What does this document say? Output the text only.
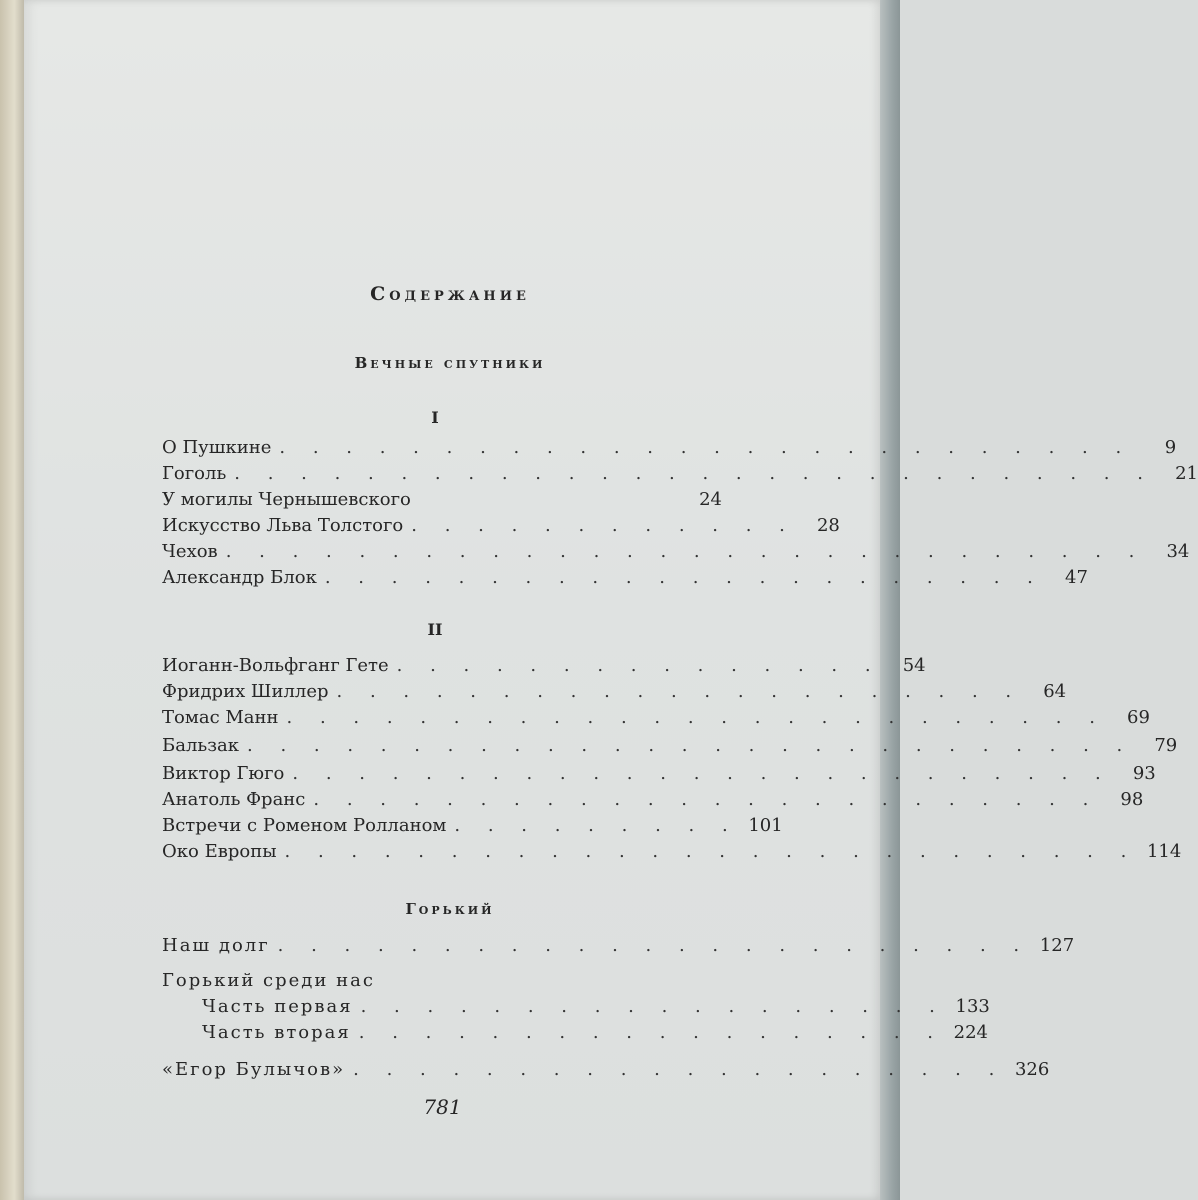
Содержание
Вечные спутники
I
О Пушкине . . . . . . . . . . . . . . . . . . . . . . . . . .	9
Гоголь . . . . . . . . . . . . . . . . . . . . . . . . . . . .	21
У могилы Чернышевского	24
Искусство Льва Толстого . . . . . . . . . . . .	28
Чехов . . . . . . . . . . . . . . . . . . . . . . . . . . . .	34
Александр Блок . . . . . . . . . . . . . . . . . . . . . .	47
II
Иоганн-Вольфганг Гете . . . . . . . . . . . . . . .	54
Фридрих Шиллер . . . . . . . . . . . . . . . . . . . . .	64
Томас Манн . . . . . . . . . . . . . . . . . . . . . . . . .	69
Бальзак . . . . . . . . . . . . . . . . . . . . . . . . . . .	79
Виктор Гюго . . . . . . . . . . . . . . . . . . . . . . . . .	93
Анатоль Франс . . . . . . . . . . . . . . . . . . . . . . . .	98
Встречи с Роменом Ролланом . . . . . . . . . 101
Око Европы . . . . . . . . . . . . . . . . . . . . . . . . . . 114
Горький
Наш долг . . . . . . . . . . . . . . . . . . . . . . . 127
Горький среди нас
Часть первая . . . . . . . . . . . . . . . . . . 133
Часть вторая . . . . . . . . . . . . . . . . . . 224
«Егор Булычов» . . . . . . . . . . . . . . . . . . . . 326
781
